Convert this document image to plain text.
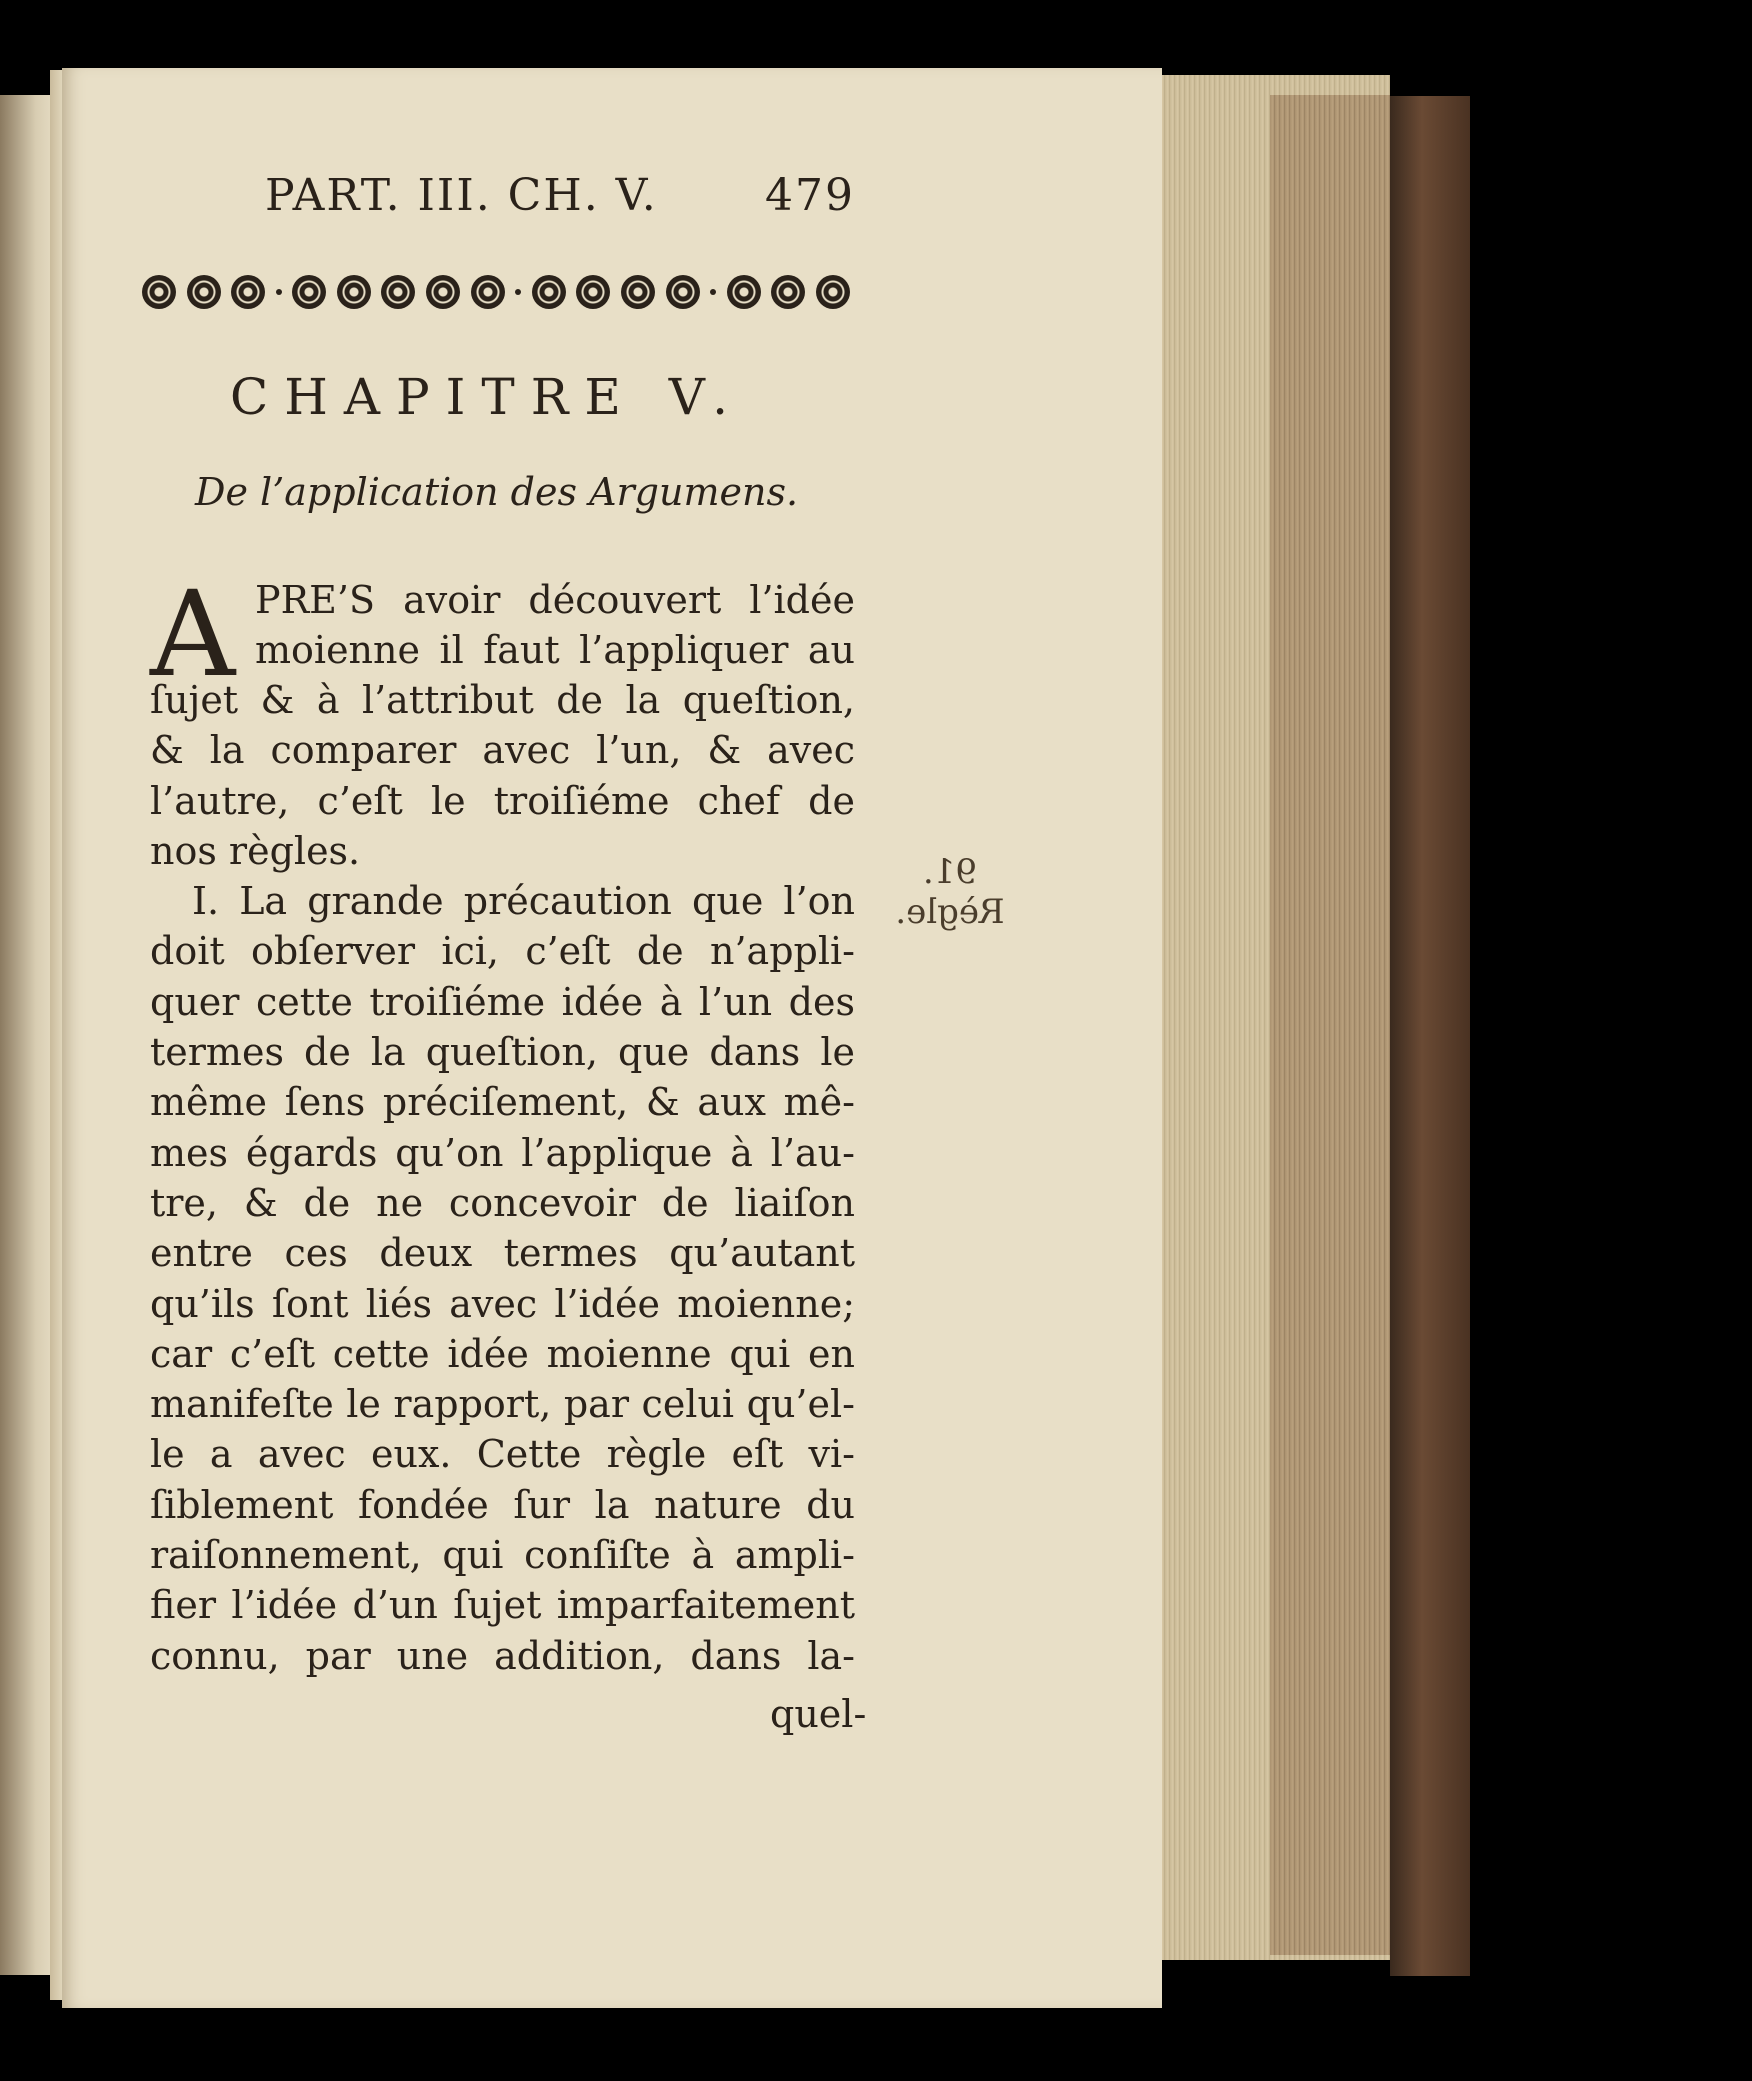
PART. III. CH. V. 479
CHAPITRE V.
De l’application des Argumens.
A PRE’S avoir découvert l’idée
moienne il faut l’appliquer au
ſujet & à l’attribut de la queſtion,
& la comparer avec l’un, & avec
l’autre, c’eſt le troiſiéme chef de
nos règles.
I. La grande précaution que l’on
doit obſerver ici, c’eſt de n’appli-
quer cette troiſiéme idée à l’un des
termes de la queſtion, que dans le
même ſens préciſement, & aux mê-
mes égards qu’on l’applique à l’au-
tre, & de ne concevoir de liaiſon
entre ces deux termes qu’autant
qu’ils ſont liés avec l’idée moienne;
car c’eſt cette idée moienne qui en
manifeſte le rapport, par celui qu’el-
le a avec eux. Cette règle eſt vi-
ſiblement fondée ſur la nature du
raiſonnement, qui conſiſte à ampli-
fier l’idée d’un ſujet imparfaitement
connu, par une addition, dans la-
quel-
91.
Règle.
